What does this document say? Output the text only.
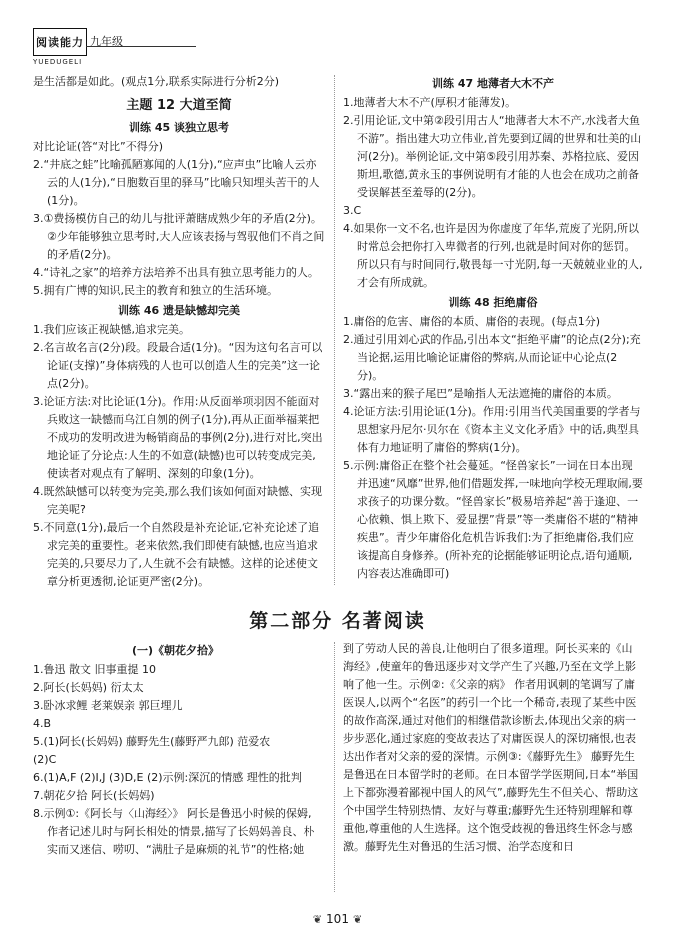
阅读能力 九年级
YUEDUGELI
是生活都是如此。(观点1分,联系实际进行分析2分)
主题 12 大道至简
训练 45 谈独立思考
对比论证(答“对比”不得分)
2.“井底之蛙”比喻孤陋寡闻的人(1分),“应声虫”比喻人云亦云的人(1分),“日胞数百里的驿马”比喻只知埋头苦干的人(1分)。
3.①费扬模仿自己的幼儿与批评萧瞎成熟少年的矛盾(2分)。②少年能够独立思考时,大人应该表扬与驾驭他们不肖之间的矛盾(2分)。
4.“诗礼之家”的培养方法培养不出具有独立思考能力的人。
5.拥有广博的知识,民主的教育和独立的生活环境。
训练 46 遗是缺憾却完美
1.我们应该正视缺憾,追求完美。
2.名言故名言(2分)段。段最合适(1分)。“因为这句名言可以论证(支撑)”身体病残的人也可以创造人生的完美”这一论点(2分)。
3.论证方法:对比论证(1分)。作用:从反面举项羽因不能面对兵败这一缺憾而乌江自刎的例子(1分),再从正面举福莱把不成功的发明改进为畅销商品的事例(2分),进行对比,突出地论证了分论点:人生的不如意(缺憾)也可以转变成完美,使读者对观点有了解明、深刻的印象(1分)。
4.既然缺憾可以转变为完美,那么我们该如何面对缺憾、实现完美呢?
5.不同意(1分),最后一个自然段是补充论证,它补充论述了追求完美的重要性。老来依然,我们即使有缺憾,也应当追求完美的,只要尽力了,人生就不会有缺憾。这样的论述使文章分析更透彻,论证更严密(2分)。
训练 47 地薄者大木不产
1.地薄者大木不产(厚积才能薄发)。
2.引用论证,文中第②段引用古人“地薄者大木不产,水浅者大鱼不游”。指出建大功立伟业,首先要到辽阔的世界和壮美的山河(2分)。举例论证,文中第⑤段引用苏秦、苏格拉底、爱因斯坦,歌德,黄永玉的事例说明有才能的人也会在成功之前备受误解甚至羞辱的(2分)。
3.C
4.如果你一文不名,也许是因为你虚度了年华,荒废了光阴,所以时常总会把你打入卑微者的行列,也就是时间对你的惩罚。所以只有与时间同行,敬畏每一寸光阴,每一天兢兢业业的人,才会有所成就。
训练 48 拒绝庸俗
1.庸俗的危害、庸俗的本质、庸俗的表现。(每点1分)
2.通过引用刘心武的作品,引出本文“拒绝平庸”的论点(2分);充当论据,运用比喻论证庸俗的弊病,从而论证中心论点(2分)。
3.“露出来的猴子尾巴”是喻指人无法遮掩的庸俗的本质。
4.论证方法:引用论证(1分)。作用:引用当代美国重要的学者与思想家丹尼尔·贝尔在《资本主义文化矛盾》中的话,典型具体有力地证明了庸俗的弊病(1分)。
5.示例:庸俗正在整个社会蔓延。“怪兽家长”一词在日本出现并迅速“风靡”世界,他们借题发挥,一味地向学校无理取闹,要求孩子的功课分数。“怪兽家长”极易培养起“善于逢迎、一心依赖、惧上欺下、爱显摆”背景”等一类庸俗不堪的“精神疾患”。青少年庸俗化危机告诉我们:为了拒绝庸俗,我们应该提高自身修养。(所补充的论据能够证明论点,语句通顺,内容表达准确即可)
第二部分 名著阅读
(一)《朝花夕拾》
1.鲁迅 散文 旧事重提 10
2.阿长(长妈妈) 衍太太
3.卧冰求鲤 老莱娱亲 郭巨埋儿
4.B
5.(1)阿长(长妈妈) 藤野先生(藤野严九郎) 范爱农
(2)C
6.(1)A,F (2)I,J (3)D,E (2)示例:深沉的情感 理性的批判
7.朝花夕拾 阿长(长妈妈)
8.示例①:《阿长与〈山海经〉》 阿长是鲁迅小时候的保姆,作者记述儿时与阿长相处的情景,描写了长妈妈善良、朴实而又迷信、唠叨、“满肚子是麻烦的礼节”的性格;她
到了劳动人民的善良,让他明白了很多道理。阿长买来的《山海经》,使童年的鲁迅逐步对文学产生了兴趣,乃至在文学上影响了他一生。示例②:《父亲的病》 作者用讽刺的笔调写了庸医误人,以两个“名医”的药引一个比一个稀奇,表现了某些中医的故作高深,通过对他们的相继借款诊断去,体现出父亲的病一步步恶化,通过家庭的变故表达了对庸医误人的深切痛恨,也表达出作者对父亲的爱的深情。示例③:《藤野先生》 藤野先生是鲁迅在日本留学时的老师。在日本留学学医期间,日本“举国上下都弥漫着鄙视中国人的风气”,藤野先生不但关心、帮助这个中国学生特别热情、友好与尊重;藤野先生还特别理解和尊重他,尊重他的人生选择。这个饱受歧视的鲁迅终生怀念与感激。藤野先生对鲁迅的生活习惯、治学态度和日
❦ 101 ❦
